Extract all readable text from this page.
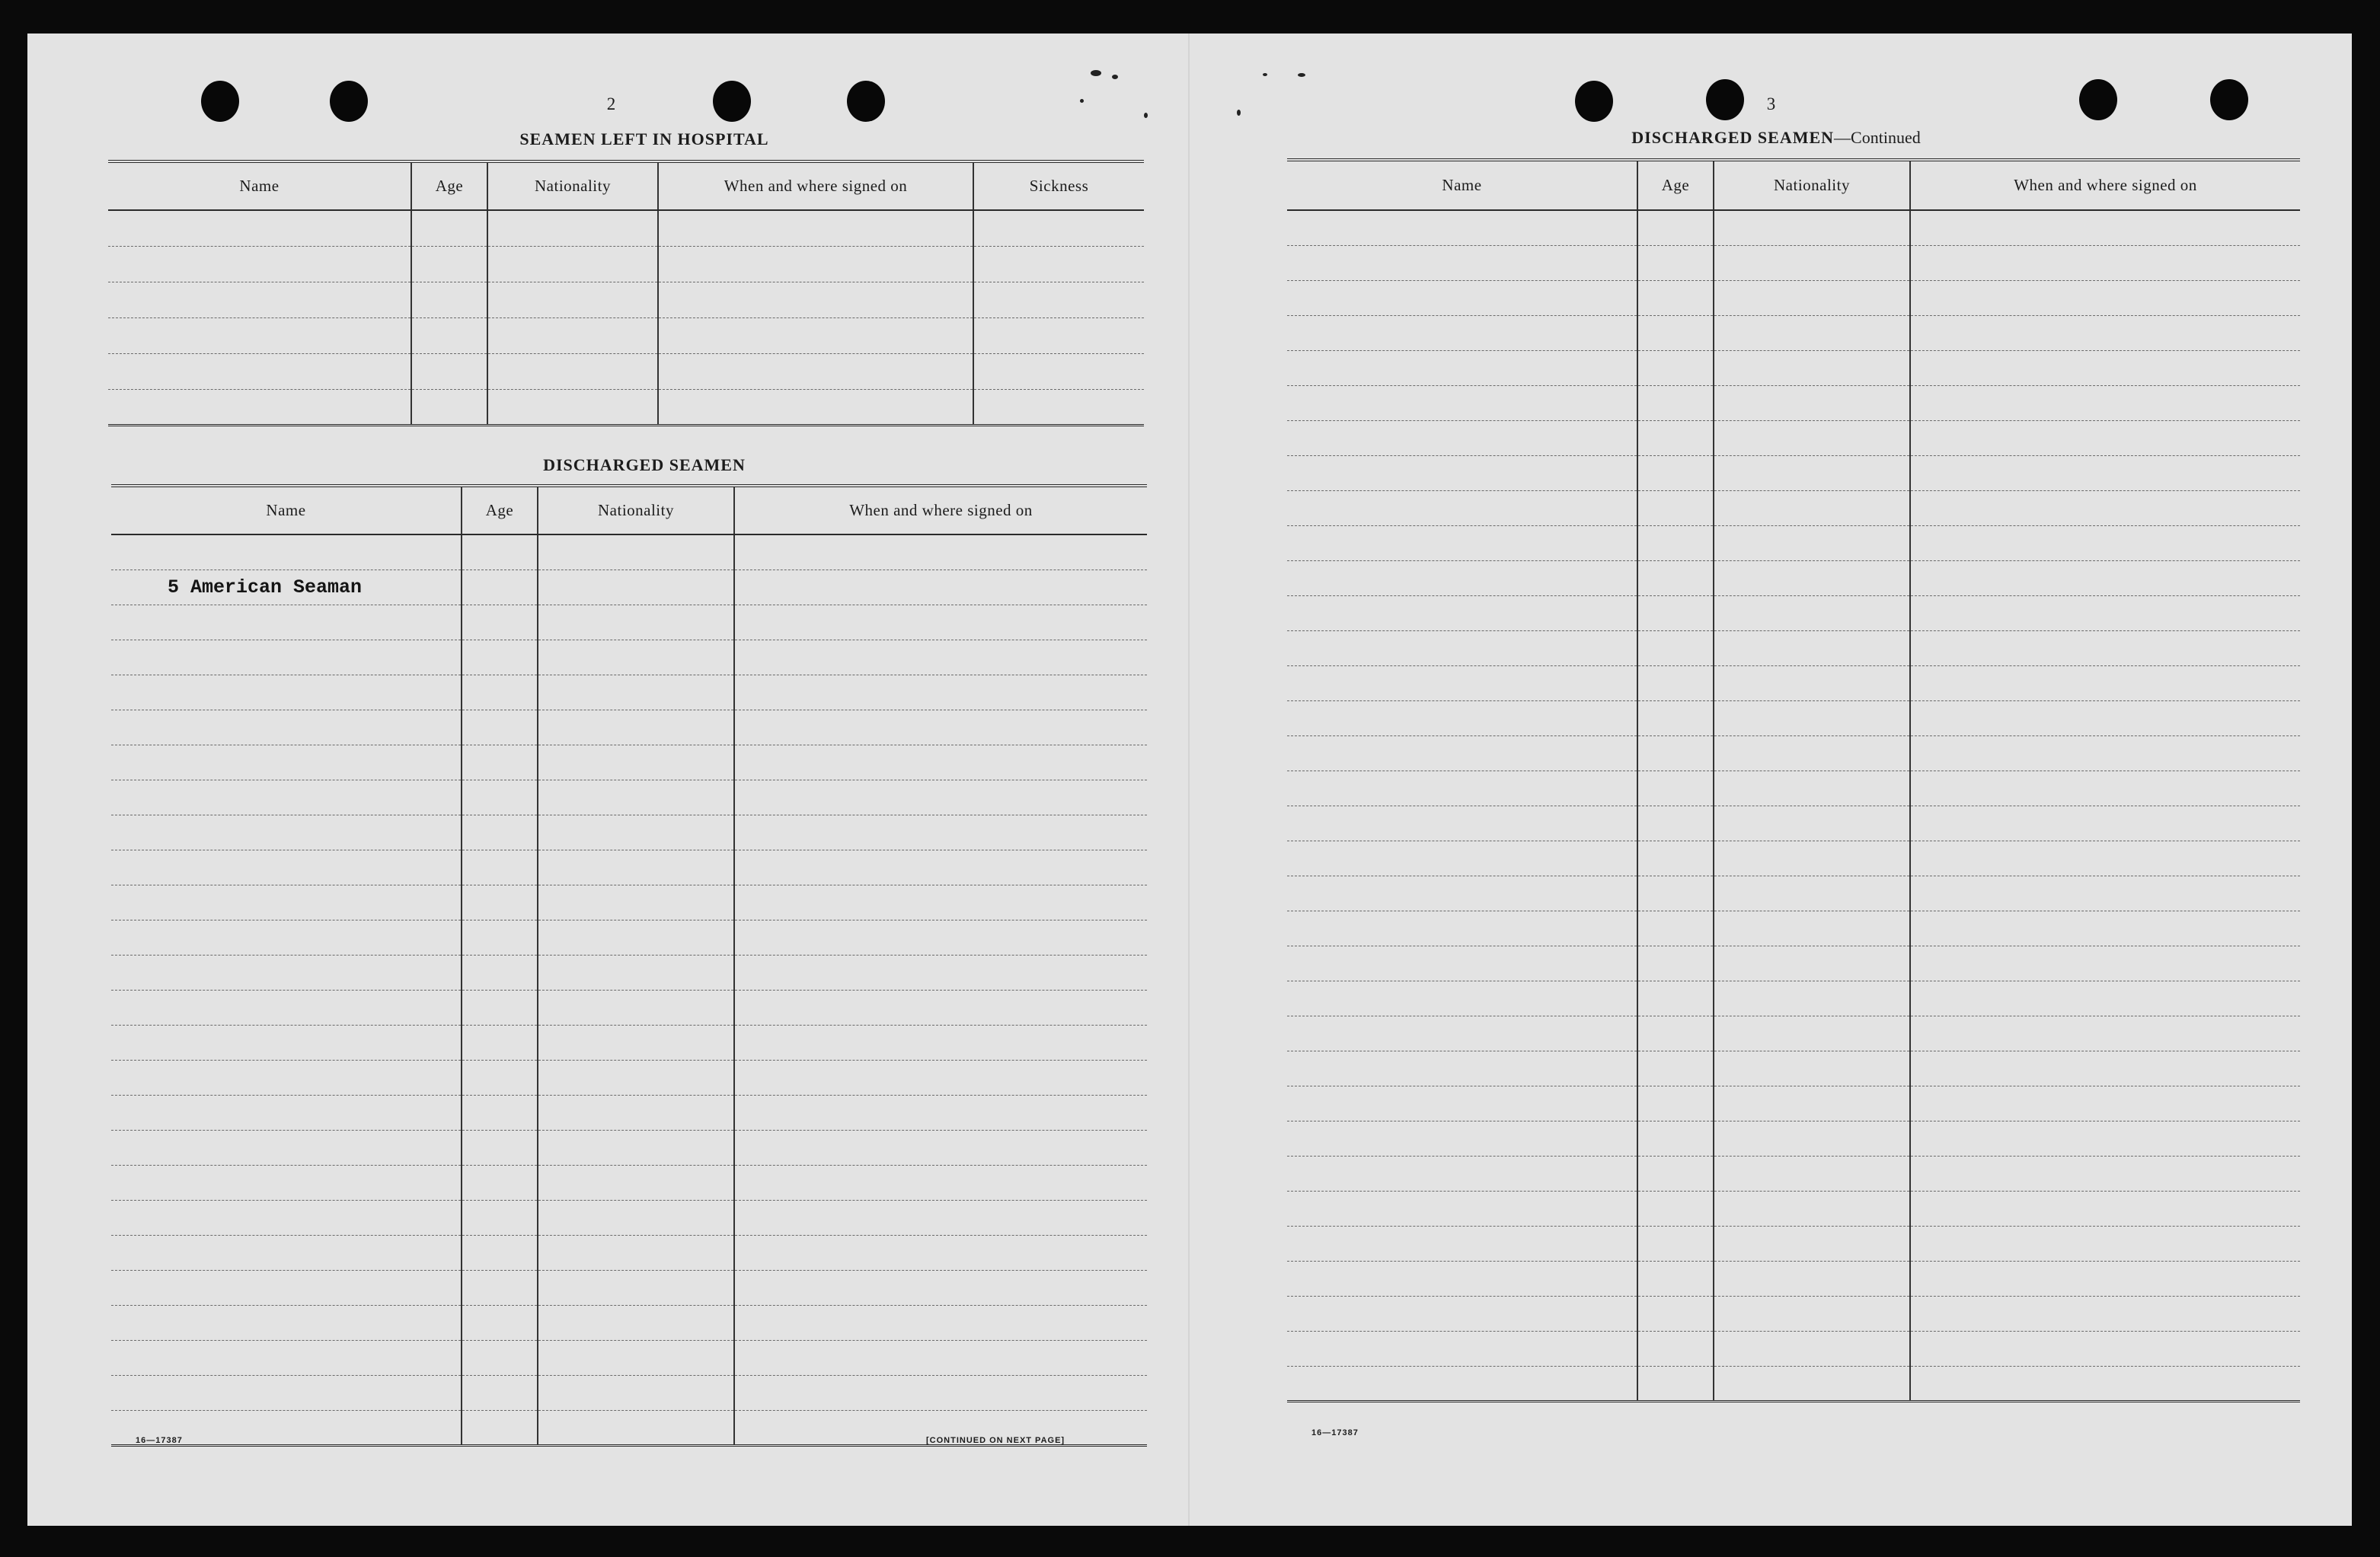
2
SEAMEN LEFT IN HOSPITAL
Name	Age	Nationality	When and where signed on	Sickness

DISCHARGED SEAMEN
Name	Age	Nationality	When and where signed on

5 American Seaman			

16—17387	[CONTINUED ON NEXT PAGE]
3
DISCHARGED SEAMEN—Continued
Name	Age	Nationality	When and where signed on

16—17387
